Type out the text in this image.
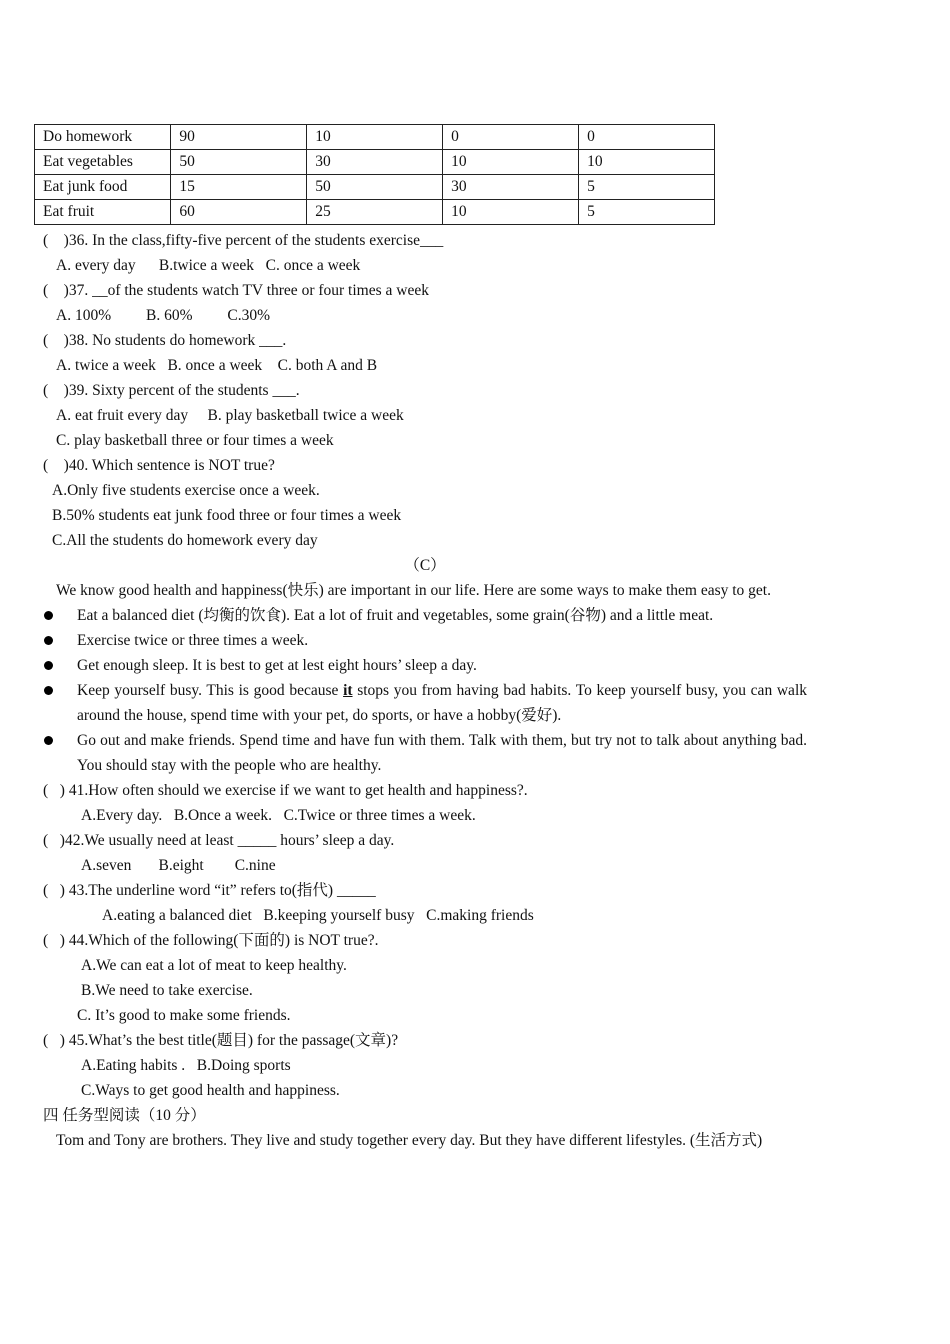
Do homework	90	10	0	0
Eat vegetables	50	30	10	10
Eat junk food	15	50	30	5
Eat fruit	60	25	10	5
(    )36. In the class,fifty-five percent of the students exercise___
A. every day      B.twice a week   C. once a week
(    )37. __of the students watch TV three or four times a week
A. 100%         B. 60%         C.30%
(    )38. No students do homework ___.
A. twice a week   B. once a week    C. both A and B
(    )39. Sixty percent of the students ___.
A. eat fruit every day     B. play basketball twice a week
C. play basketball three or four times a week
(    )40. Which sentence is NOT true?
A.Only five students exercise once a week.
B.50% students eat junk food three or four times a week
C.All the students do homework every day
（C）
We know good health and happiness(快乐) are important in our life. Here are some ways to make them easy to get.
Eat a balanced diet (均衡的饮食). Eat a lot of fruit and vegetables, some grain(谷物) and a little meat.
Exercise twice or three times a week.
Get enough sleep. It is best to get at lest eight hours’ sleep a day.
Keep yourself busy. This is good because it stops you from having bad habits. To keep yourself busy, you can walk around the house, spend time with your pet, do sports, or have a hobby(爱好).
Go out and make friends. Spend time and have fun with them. Talk with them, but try not to talk about anything bad. You should stay with the people who are healthy.
(   ) 41.How often should we exercise if we want to get health and happiness?.
A.Every day.   B.Once a week.   C.Twice or three times a week.
(   )42.We usually need at least _____ hours’ sleep a day.
A.seven       B.eight        C.nine
(   ) 43.The underline word “it” refers to(指代) _____
A.eating a balanced diet   B.keeping yourself busy   C.making friends
(   ) 44.Which of the following(下面的) is NOT true?.
A.We can eat a lot of meat to keep healthy.
B.We need to take exercise.
C. It’s good to make some friends.
(   ) 45.What’s the best title(题目) for the passage(文章)?
A.Eating habits .   B.Doing sports
C.Ways to get good health and happiness.
四 任务型阅读（10 分）
Tom and Tony are brothers. They live and study together every day. But they have different lifestyles. (生活方式)
